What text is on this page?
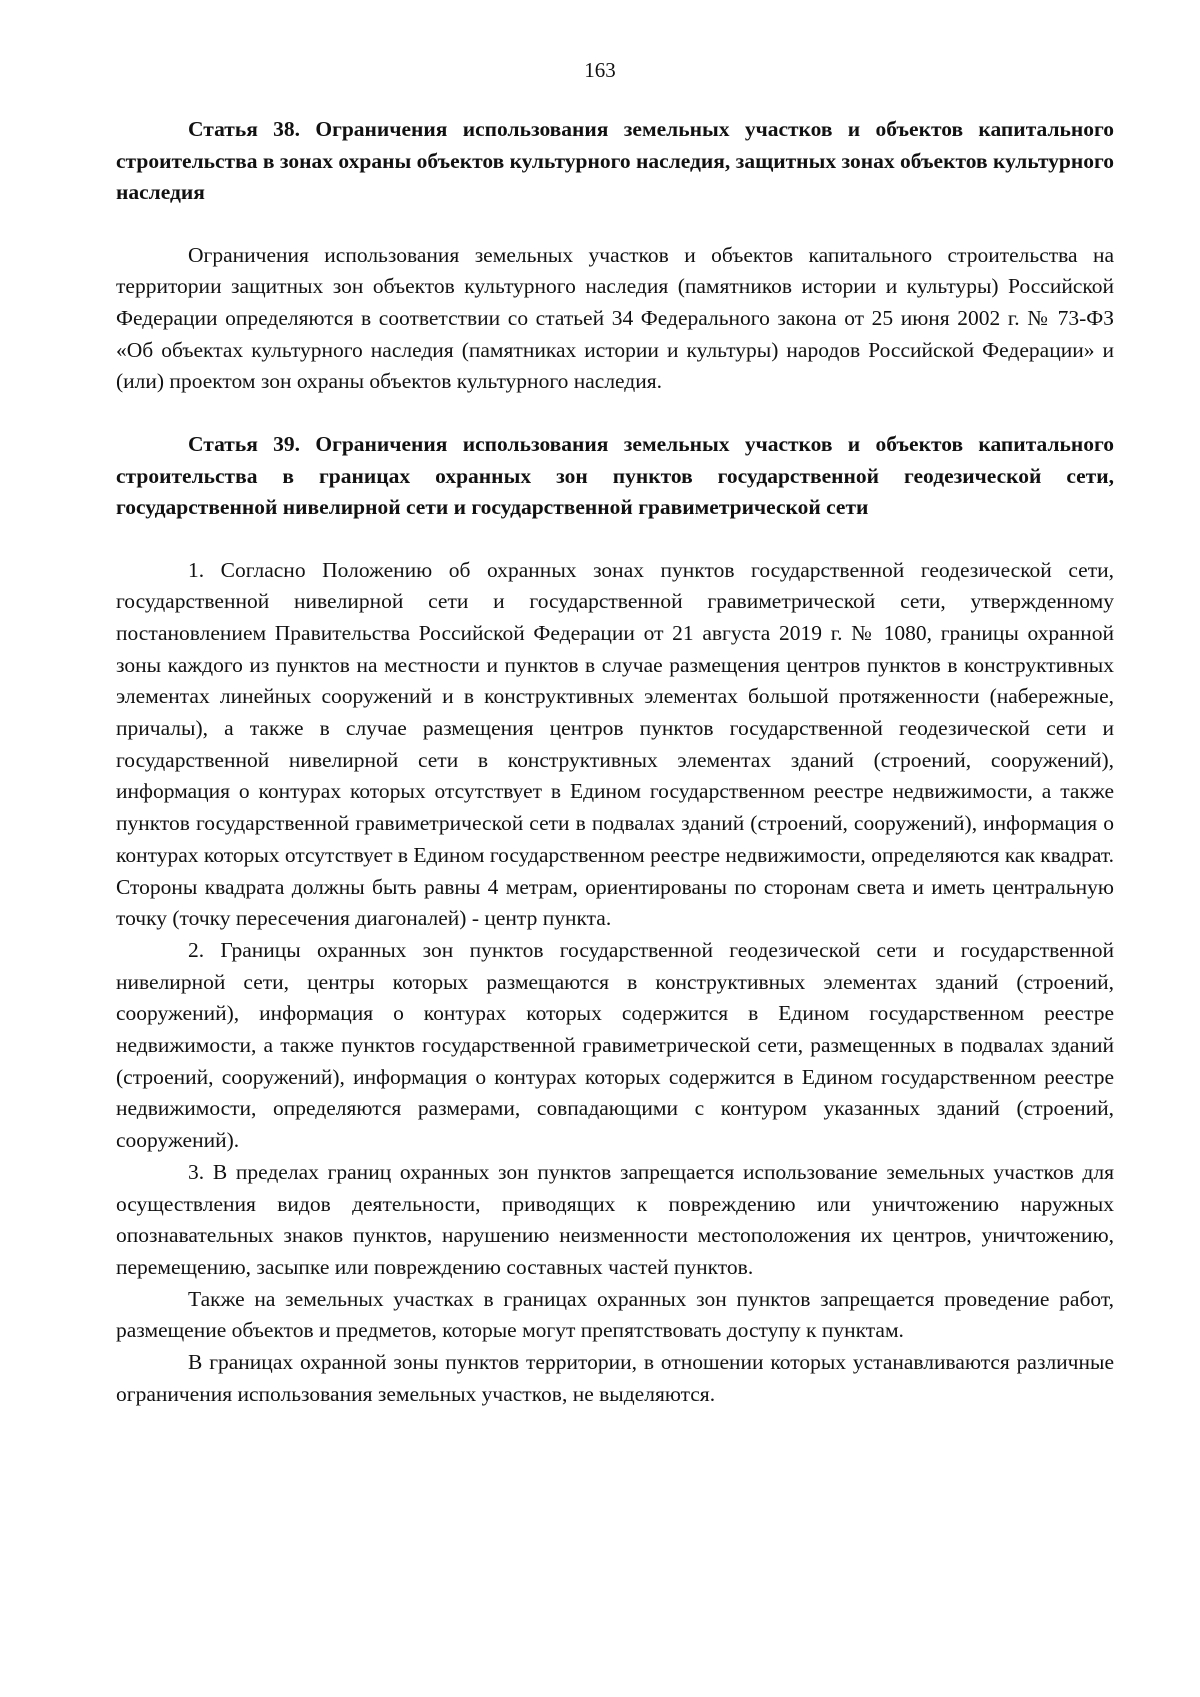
163

Статья 38. Ограничения использования земельных участков и объектов капитального строительства в зонах охраны объектов культурного наследия, защитных зонах объектов культурного наследия

Ограничения использования земельных участков и объектов капитального строительства на территории защитных зон объектов культурного наследия (памятников истории и культуры) Российской Федерации определяются в соответствии со статьей 34 Федерального закона от 25 июня 2002 г. № 73-ФЗ «Об объектах культурного наследия (памятниках истории и культуры) народов Российской Федерации» и (или) проектом зон охраны объектов культурного наследия.

Статья 39. Ограничения использования земельных участков и объектов капитального строительства в границах охранных зон пунктов государственной геодезической сети, государственной нивелирной сети и государственной гравиметрической сети

1. Согласно Положению об охранных зонах пунктов государственной геодезической сети, государственной нивелирной сети и государственной гравиметрической сети, утвержденному постановлением Правительства Российской Федерации от 21 августа 2019 г. № 1080, границы охранной зоны каждого из пунктов на местности и пунктов в случае размещения центров пунктов в конструктивных элементах линейных сооружений и в конструктивных элементах большой протяженности (набережные, причалы), а также в случае размещения центров пунктов государственной геодезической сети и государственной нивелирной сети в конструктивных элементах зданий (строений, сооружений), информация о контурах которых отсутствует в Едином государственном реестре недвижимости, а также пунктов государственной гравиметрической сети в подвалах зданий (строений, сооружений), информация о контурах которых отсутствует в Едином государственном реестре недвижимости, определяются как квадрат. Стороны квадрата должны быть равны 4 метрам, ориентированы по сторонам света и иметь центральную точку (точку пересечения диагоналей) - центр пункта.

2. Границы охранных зон пунктов государственной геодезической сети и государственной нивелирной сети, центры которых размещаются в конструктивных элементах зданий (строений, сооружений), информация о контурах которых содержится в Едином государственном реестре недвижимости, а также пунктов государственной гравиметрической сети, размещенных в подвалах зданий (строений, сооружений), информация о контурах которых содержится в Едином государственном реестре недвижимости, определяются размерами, совпадающими с контуром указанных зданий (строений, сооружений).

3. В пределах границ охранных зон пунктов запрещается использование земельных участков для осуществления видов деятельности, приводящих к повреждению или уничтожению наружных опознавательных знаков пунктов, нарушению неизменности местоположения их центров, уничтожению, перемещению, засыпке или повреждению составных частей пунктов.

Также на земельных участках в границах охранных зон пунктов запрещается проведение работ, размещение объектов и предметов, которые могут препятствовать доступу к пунктам.

В границах охранной зоны пунктов территории, в отношении которых устанавливаются различные ограничения использования земельных участков, не выделяются.
